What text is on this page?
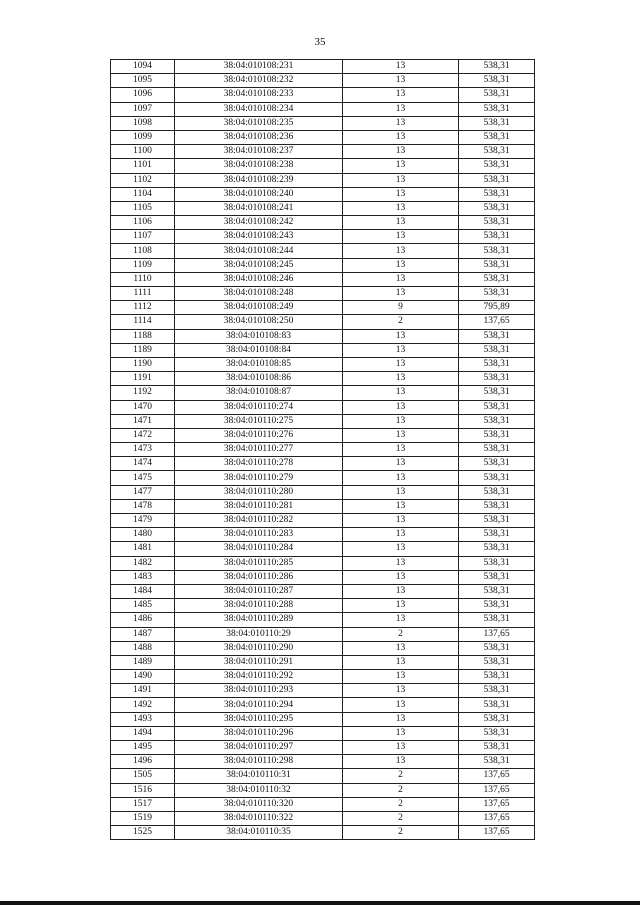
35
1094	38:04:010108:231	13	538,31
1095	38:04:010108:232	13	538,31
1096	38:04:010108:233	13	538,31
1097	38:04:010108:234	13	538,31
1098	38:04:010108:235	13	538,31
1099	38:04:010108:236	13	538,31
1100	38:04:010108:237	13	538,31
1101	38:04:010108:238	13	538,31
1102	38:04:010108:239	13	538,31
1104	38:04:010108:240	13	538,31
1105	38:04:010108:241	13	538,31
1106	38:04:010108:242	13	538,31
1107	38:04:010108:243	13	538,31
1108	38:04:010108:244	13	538,31
1109	38:04:010108:245	13	538,31
1110	38:04:010108:246	13	538,31
1111	38:04:010108:248	13	538,31
1112	38:04:010108:249	9	795,89
1114	38:04:010108:250	2	137,65
1188	38:04:010108:83	13	538,31
1189	38:04:010108:84	13	538,31
1190	38:04:010108:85	13	538,31
1191	38:04:010108:86	13	538,31
1192	38:04:010108:87	13	538,31
1470	38:04:010110:274	13	538,31
1471	38:04:010110:275	13	538,31
1472	38:04:010110:276	13	538,31
1473	38:04:010110:277	13	538,31
1474	38:04:010110:278	13	538,31
1475	38:04:010110:279	13	538,31
1477	38:04:010110:280	13	538,31
1478	38:04:010110:281	13	538,31
1479	38:04:010110:282	13	538,31
1480	38:04:010110:283	13	538,31
1481	38:04:010110:284	13	538,31
1482	38:04:010110:285	13	538,31
1483	38:04:010110:286	13	538,31
1484	38:04:010110:287	13	538,31
1485	38:04:010110:288	13	538,31
1486	38:04:010110:289	13	538,31
1487	38:04:010110:29	2	137,65
1488	38:04:010110:290	13	538,31
1489	38:04:010110:291	13	538,31
1490	38:04:010110:292	13	538,31
1491	38:04:010110:293	13	538,31
1492	38:04:010110:294	13	538,31
1493	38:04:010110:295	13	538,31
1494	38:04:010110:296	13	538,31
1495	38:04:010110:297	13	538,31
1496	38:04:010110:298	13	538,31
1505	38:04:010110:31	2	137,65
1516	38:04:010110:32	2	137,65
1517	38:04:010110:320	2	137,65
1519	38:04:010110:322	2	137,65
1525	38:04:010110:35	2	137,65
